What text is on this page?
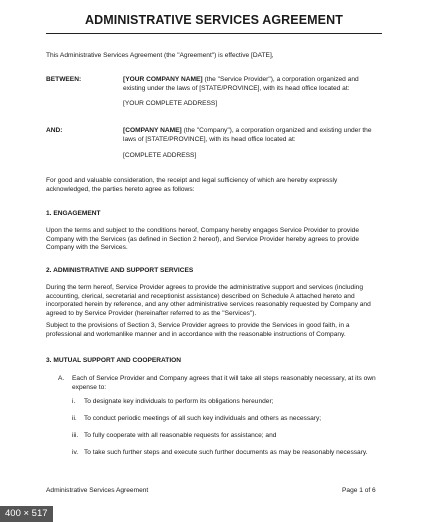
ADMINISTRATIVE SERVICES AGREEMENT
This Administrative Services Agreement (the "Agreement") is effective [DATE],
BETWEEN:	[YOUR COMPANY NAME] (the "Service Provider"), a corporation organized and existing under the laws of [STATE/PROVINCE], with its head office located at:
[YOUR COMPLETE ADDRESS]
AND:	[COMPANY NAME] (the "Company"), a corporation organized and existing under the laws of [STATE/PROVINCE], with its head office located at:
[COMPLETE ADDRESS]
For good and valuable consideration, the receipt and legal sufficiency of which are hereby expressly acknowledged, the parties hereto agree as follows:
1. ENGAGEMENT
Upon the terms and subject to the conditions hereof, Company hereby engages Service Provider to provide Company with the Services (as defined in Section 2 hereof), and Service Provider hereby agrees to provide Company with the Services.
2. ADMINISTRATIVE AND SUPPORT SERVICES
During the term hereof, Service Provider agrees to provide the administrative support and services (including accounting, clerical, secretarial and receptionist assistance) described on Schedule A attached hereto and incorporated herein by reference, and any other administrative services reasonably requested by Company and agreed to by Service Provider (hereinafter referred to as the "Services").
Subject to the provisions of Section 3, Service Provider agrees to provide the Services in good faith, in a professional and workmanlike manner and in accordance with the reasonable instructions of Company.
3. MUTUAL SUPPORT AND COOPERATION
A. Each of Service Provider and Company agrees that it will take all steps reasonably necessary, at its own expense to:
i. To designate key individuals to perform its obligations hereunder;
ii. To conduct periodic meetings of all such key individuals and others as necessary;
iii. To fully cooperate with all reasonable requests for assistance; and
iv. To take such further steps and execute such further documents as may be reasonably necessary.
Administrative Services Agreement	Page 1 of 6
400 × 517
